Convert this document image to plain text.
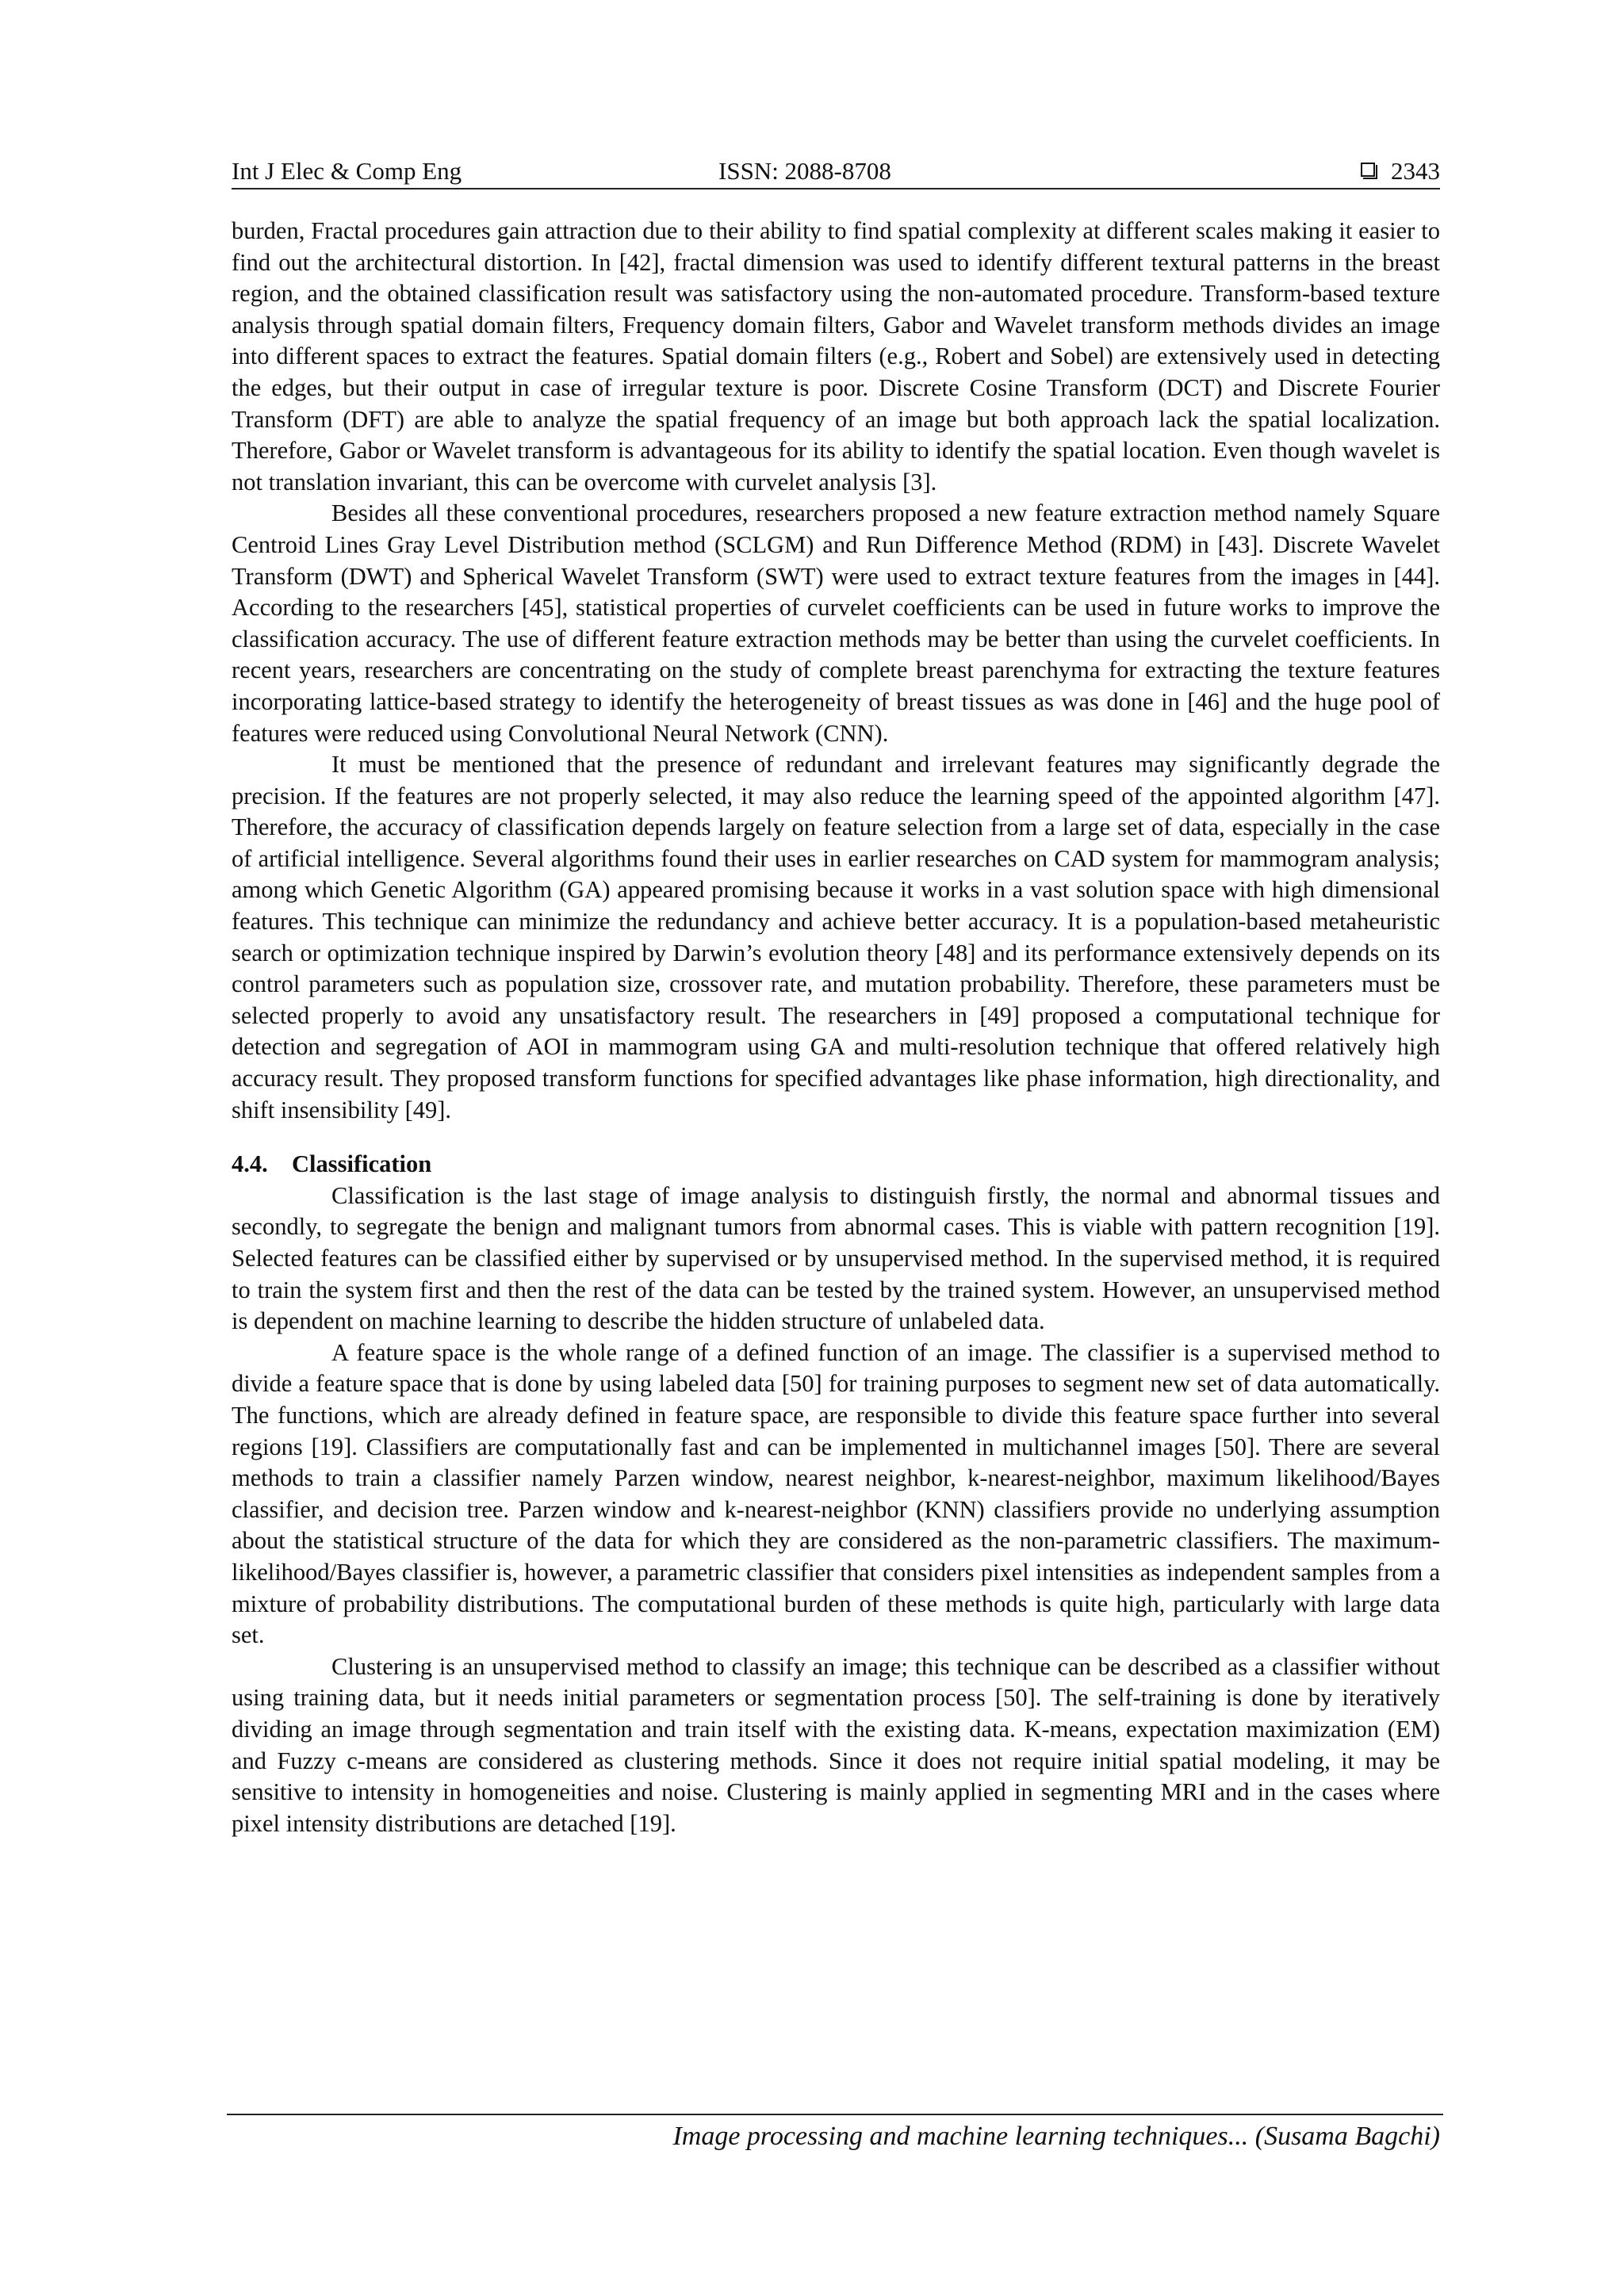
Int J Elec & Comp Eng	ISSN: 2088-8708	2343

burden, Fractal procedures gain attraction due to their ability to find spatial complexity at different scales making it easier to find out the architectural distortion. In [42], fractal dimension was used to identify different textural patterns in the breast region, and the obtained classification result was satisfactory using the non-automated procedure. Transform-based texture analysis through spatial domain filters, Frequency domain filters, Gabor and Wavelet transform methods divides an image into different spaces to extract the features. Spatial domain filters (e.g., Robert and Sobel) are extensively used in detecting the edges, but their output in case of irregular texture is poor. Discrete Cosine Transform (DCT) and Discrete Fourier Transform (DFT) are able to analyze the spatial frequency of an image but both approach lack the spatial localization. Therefore, Gabor or Wavelet transform is advantageous for its ability to identify the spatial location. Even though wavelet is not translation invariant, this can be overcome with curvelet analysis [3].

Besides all these conventional procedures, researchers proposed a new feature extraction method namely Square Centroid Lines Gray Level Distribution method (SCLGM) and Run Difference Method (RDM) in [43]. Discrete Wavelet Transform (DWT) and Spherical Wavelet Transform (SWT) were used to extract texture features from the images in [44]. According to the researchers [45], statistical properties of curvelet coefficients can be used in future works to improve the classification accuracy. The use of different feature extraction methods may be better than using the curvelet coefficients. In recent years, researchers are concentrating on the study of complete breast parenchyma for extracting the texture features incorporating lattice-based strategy to identify the heterogeneity of breast tissues as was done in [46] and the huge pool of features were reduced using Convolutional Neural Network (CNN).

It must be mentioned that the presence of redundant and irrelevant features may significantly degrade the precision. If the features are not properly selected, it may also reduce the learning speed of the appointed algorithm [47]. Therefore, the accuracy of classification depends largely on feature selection from a large set of data, especially in the case of artificial intelligence. Several algorithms found their uses in earlier researches on CAD system for mammogram analysis; among which Genetic Algorithm (GA) appeared promising because it works in a vast solution space with high dimensional features. This technique can minimize the redundancy and achieve better accuracy. It is a population-based metaheuristic search or optimization technique inspired by Darwin’s evolution theory [48] and its performance extensively depends on its control parameters such as population size, crossover rate, and mutation probability. Therefore, these parameters must be selected properly to avoid any unsatisfactory result. The researchers in [49] proposed a computational technique for detection and segregation of AOI in mammogram using GA and multi-resolution technique that offered relatively high accuracy result. They proposed transform functions for specified advantages like phase information, high directionality, and shift insensibility [49].

4.4. Classification

Classification is the last stage of image analysis to distinguish firstly, the normal and abnormal tissues and secondly, to segregate the benign and malignant tumors from abnormal cases. This is viable with pattern recognition [19]. Selected features can be classified either by supervised or by unsupervised method. In the supervised method, it is required to train the system first and then the rest of the data can be tested by the trained system. However, an unsupervised method is dependent on machine learning to describe the hidden structure of unlabeled data.

A feature space is the whole range of a defined function of an image. The classifier is a supervised method to divide a feature space that is done by using labeled data [50] for training purposes to segment new set of data automatically. The functions, which are already defined in feature space, are responsible to divide this feature space further into several regions [19]. Classifiers are computationally fast and can be implemented in multichannel images [50]. There are several methods to train a classifier namely Parzen window, nearest neighbor, k-nearest-neighbor, maximum likelihood/Bayes classifier, and decision tree. Parzen window and k-nearest-neighbor (KNN) classifiers provide no underlying assumption about the statistical structure of the data for which they are considered as the non-parametric classifiers. The maximum-likelihood/Bayes classifier is, however, a parametric classifier that considers pixel intensities as independent samples from a mixture of probability distributions. The computational burden of these methods is quite high, particularly with large data set.

Clustering is an unsupervised method to classify an image; this technique can be described as a classifier without using training data, but it needs initial parameters or segmentation process [50]. The self-training is done by iteratively dividing an image through segmentation and train itself with the existing data. K-means, expectation maximization (EM) and Fuzzy c-means are considered as clustering methods. Since it does not require initial spatial modeling, it may be sensitive to intensity in homogeneities and noise. Clustering is mainly applied in segmenting MRI and in the cases where pixel intensity distributions are detached [19].

Image processing and machine learning techniques... (Susama Bagchi)
